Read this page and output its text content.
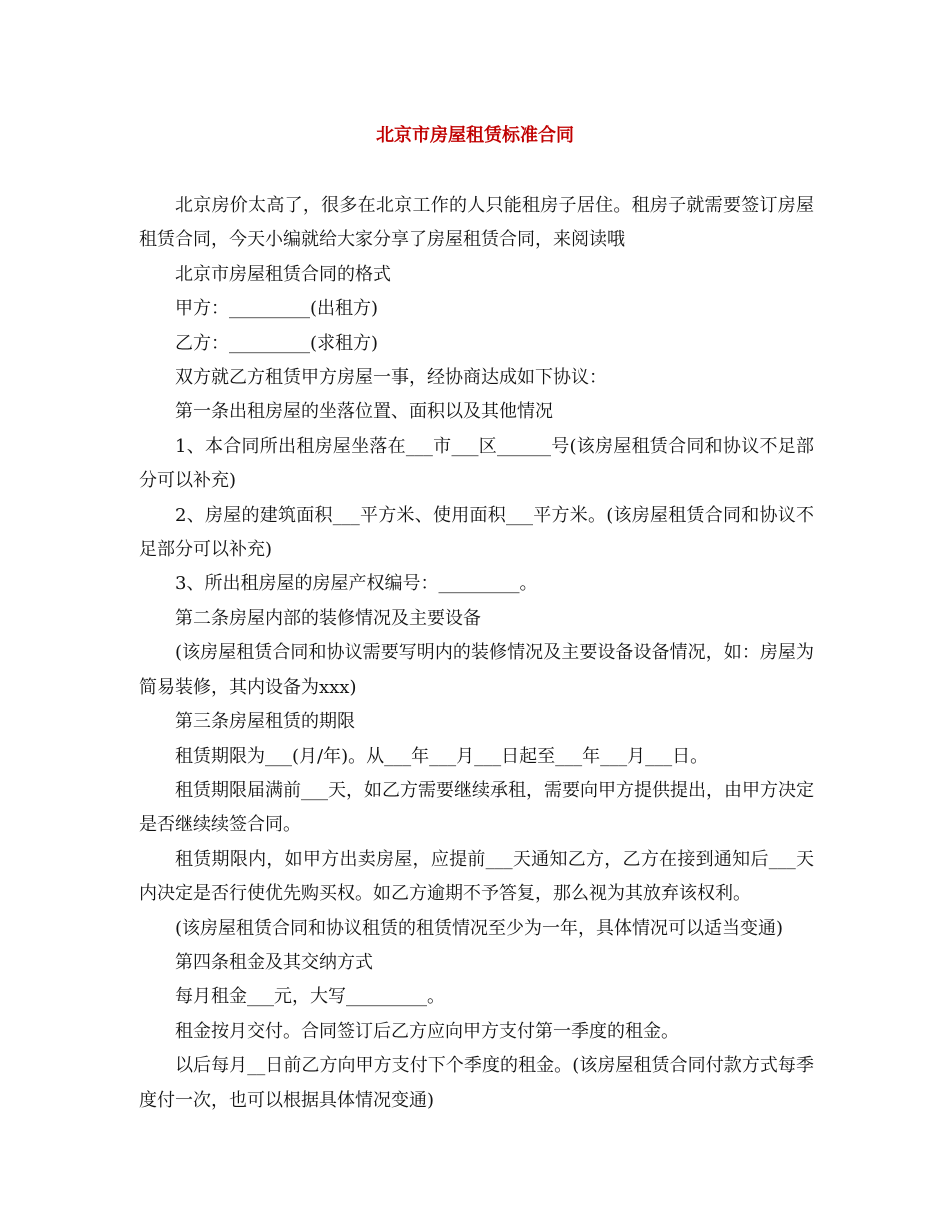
北京市房屋租赁标准合同

北京房价太高了，很多在北京工作的人只能租房子居住。租房子就需要签订房屋租赁合同，今天小编就给大家分享了房屋租赁合同，来阅读哦

北京市房屋租赁合同的格式

甲方：_________(出租方)

乙方：_________(求租方)

双方就乙方租赁甲方房屋一事，经协商达成如下协议：

第一条出租房屋的坐落位置、面积以及其他情况

1、本合同所出租房屋坐落在___市___区______号(该房屋租赁合同和协议不足部分可以补充)

2、房屋的建筑面积___平方米、使用面积___平方米。(该房屋租赁合同和协议不足部分可以补充)

3、所出租房屋的房屋产权编号：_________。

第二条房屋内部的装修情况及主要设备

(该房屋租赁合同和协议需要写明内的装修情况及主要设备设备情况，如：房屋为简易装修，其内设备为xxx)

第三条房屋租赁的期限

租赁期限为___(月/年)。从___年___月___日起至___年___月___日。

租赁期限届满前___天，如乙方需要继续承租，需要向甲方提供提出，由甲方决定是否继续续签合同。

租赁期限内，如甲方出卖房屋，应提前___天通知乙方，乙方在接到通知后___天内决定是否行使优先购买权。如乙方逾期不予答复，那么视为其放弃该权利。

(该房屋租赁合同和协议租赁的租赁情况至少为一年，具体情况可以适当变通)

第四条租金及其交纳方式

每月租金___元，大写_________。

租金按月交付。合同签订后乙方应向甲方支付第一季度的租金。

以后每月__日前乙方向甲方支付下个季度的租金。(该房屋租赁合同付款方式每季度付一次，也可以根据具体情况变通)
